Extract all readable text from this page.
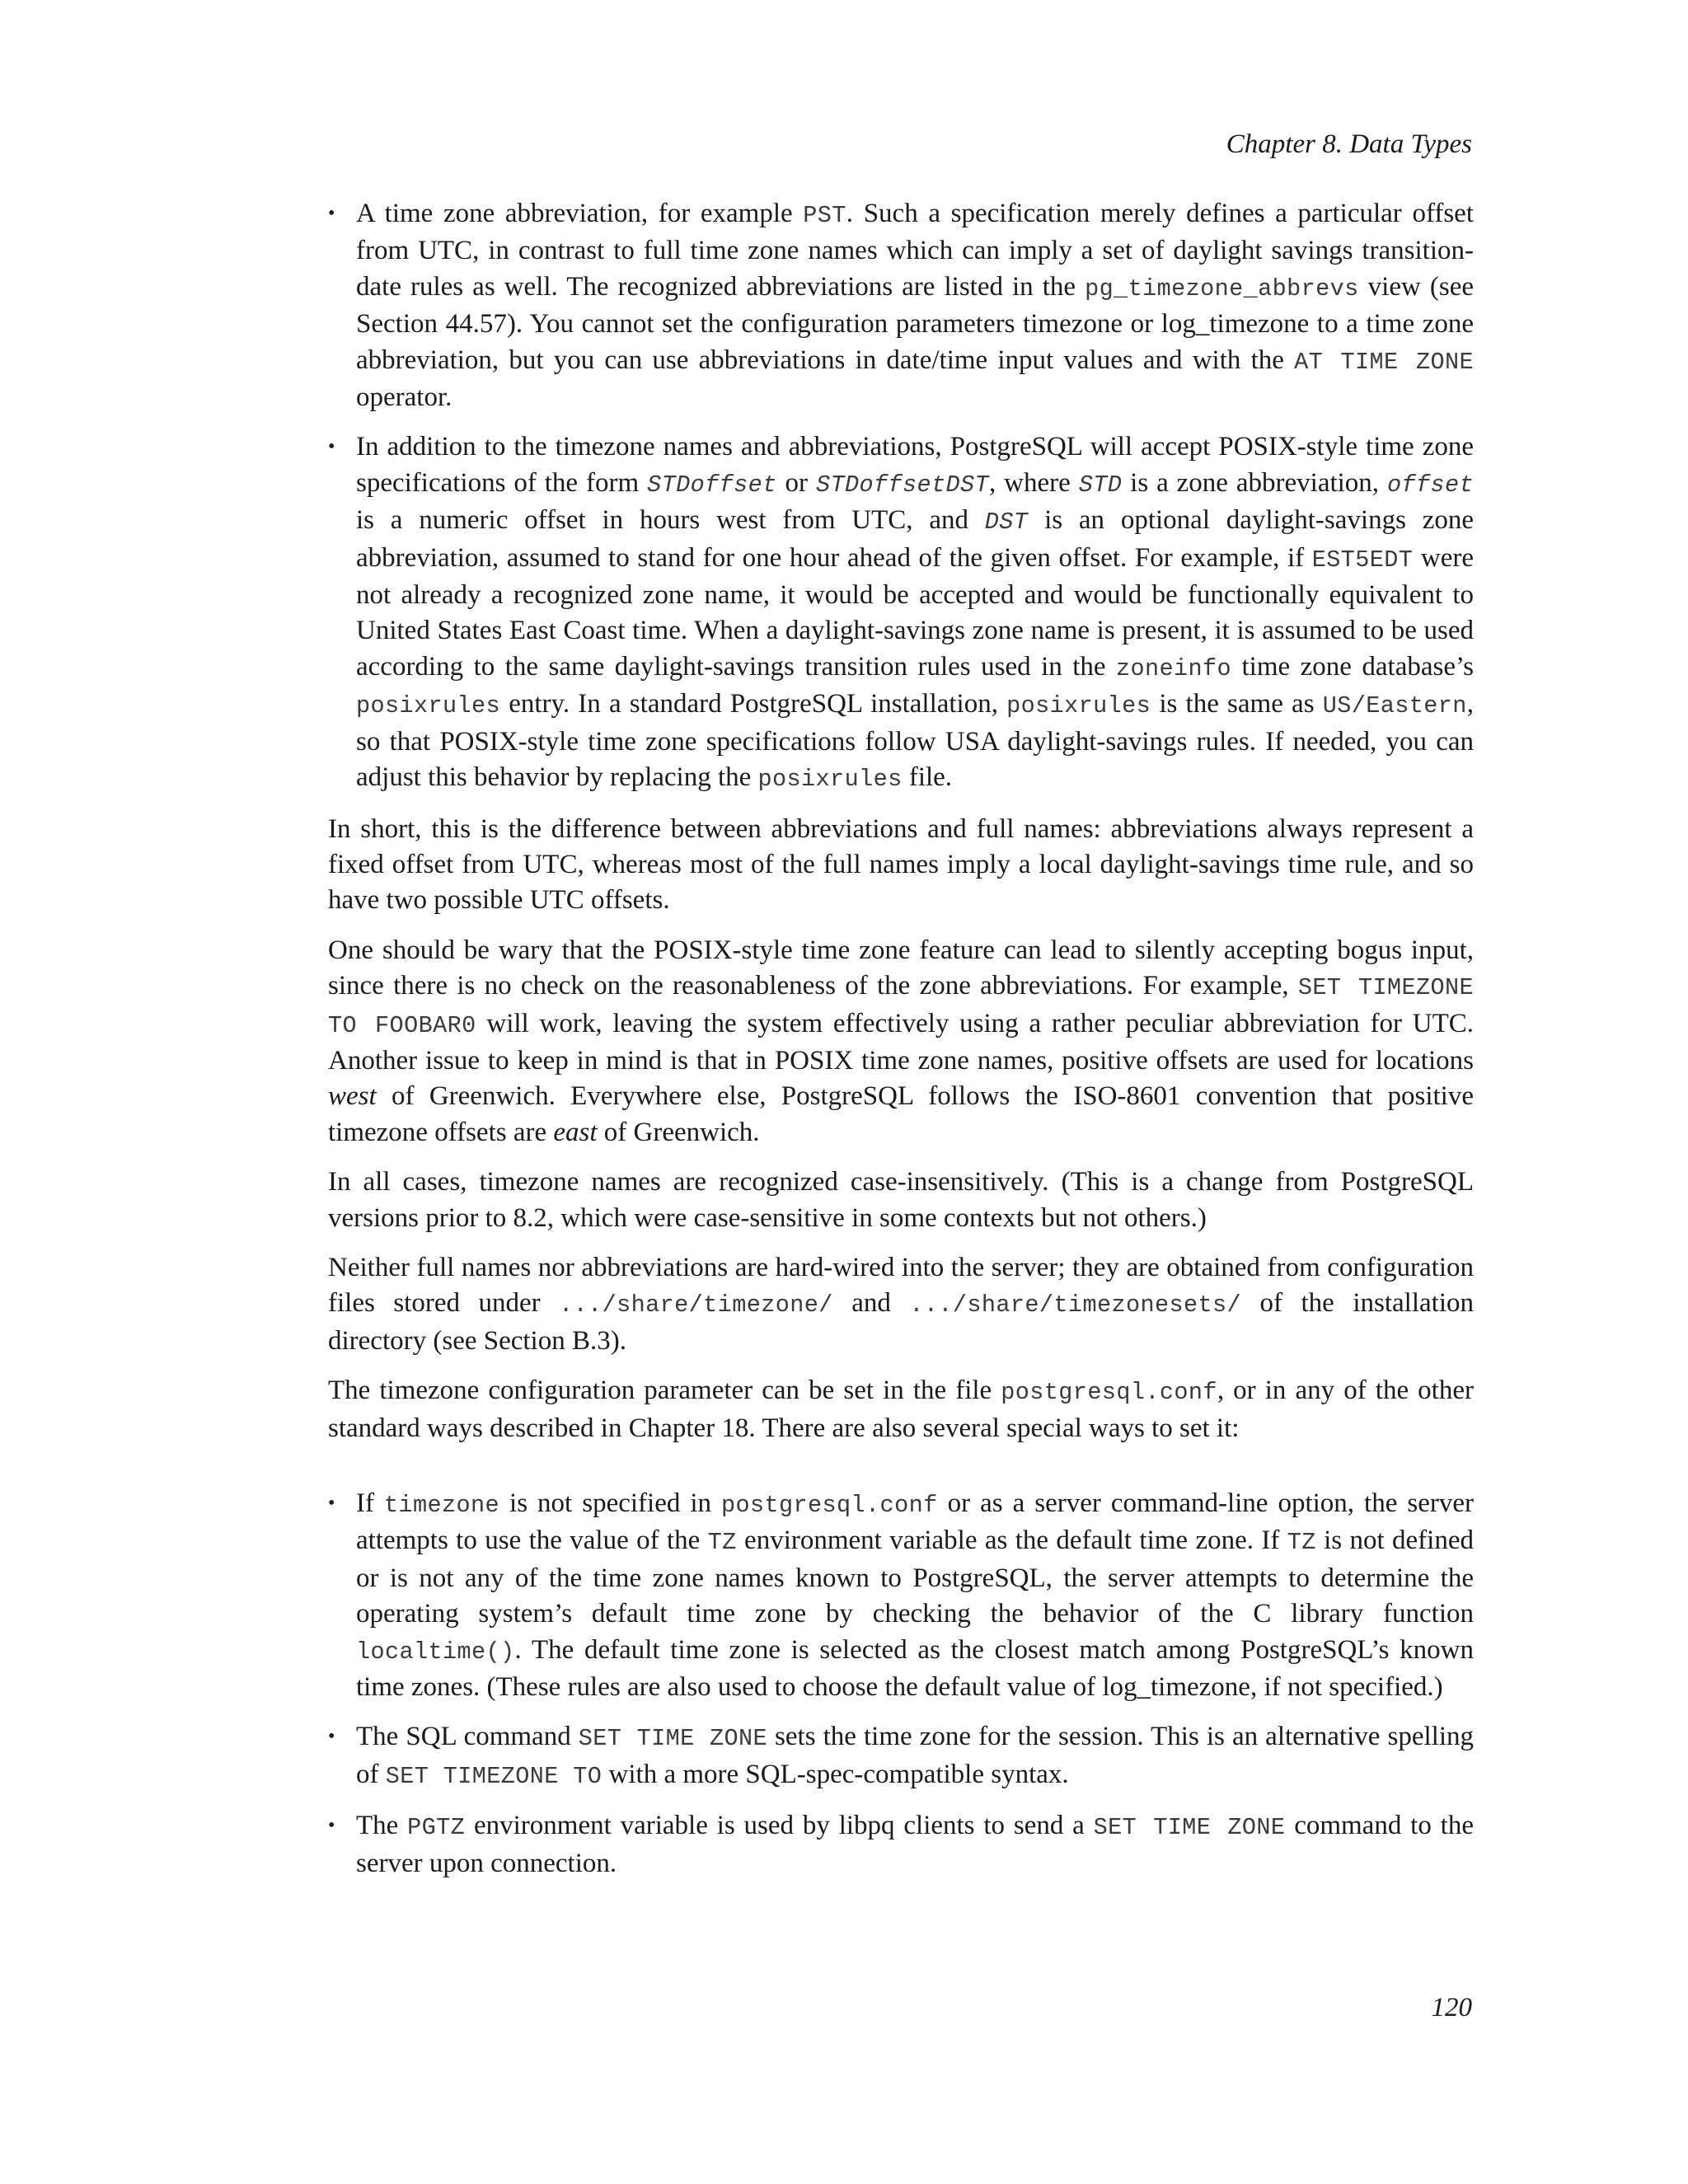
Chapter 8. Data Types
• A time zone abbreviation, for example PST. Such a specification merely defines a particular offset from UTC, in contrast to full time zone names which can imply a set of daylight savings transition-date rules as well. The recognized abbreviations are listed in the pg_timezone_abbrevs view (see Section 44.57). You cannot set the configuration parameters timezone or log_timezone to a time zone abbreviation, but you can use abbreviations in date/time input values and with the AT TIME ZONE operator.
• In addition to the timezone names and abbreviations, PostgreSQL will accept POSIX-style time zone specifications of the form STDoffset or STDoffsetDST, where STD is a zone abbreviation, offset is a numeric offset in hours west from UTC, and DST is an optional daylight-savings zone abbreviation, assumed to stand for one hour ahead of the given offset. For example, if EST5EDT were not already a recognized zone name, it would be accepted and would be functionally equivalent to United States East Coast time. When a daylight-savings zone name is present, it is assumed to be used according to the same daylight-savings transition rules used in the zoneinfo time zone database’s posixrules entry. In a standard PostgreSQL installation, posixrules is the same as US/Eastern, so that POSIX-style time zone specifications follow USA daylight-savings rules. If needed, you can adjust this behavior by replacing the posixrules file.

In short, this is the difference between abbreviations and full names: abbreviations always represent a fixed offset from UTC, whereas most of the full names imply a local daylight-savings time rule, and so have two possible UTC offsets.

One should be wary that the POSIX-style time zone feature can lead to silently accepting bogus input, since there is no check on the reasonableness of the zone abbreviations. For example, SET TIMEZONE TO FOOBAR0 will work, leaving the system effectively using a rather peculiar abbreviation for UTC. Another issue to keep in mind is that in POSIX time zone names, positive offsets are used for locations west of Greenwich. Everywhere else, PostgreSQL follows the ISO-8601 convention that positive timezone offsets are east of Greenwich.

In all cases, timezone names are recognized case-insensitively. (This is a change from PostgreSQL versions prior to 8.2, which were case-sensitive in some contexts but not others.)

Neither full names nor abbreviations are hard-wired into the server; they are obtained from configuration files stored under .../share/timezone/ and .../share/timezonesets/ of the installation directory (see Section B.3).

The timezone configuration parameter can be set in the file postgresql.conf, or in any of the other standard ways described in Chapter 18. There are also several special ways to set it:

• If timezone is not specified in postgresql.conf or as a server command-line option, the server attempts to use the value of the TZ environment variable as the default time zone. If TZ is not defined or is not any of the time zone names known to PostgreSQL, the server attempts to determine the operating system’s default time zone by checking the behavior of the C library function localtime(). The default time zone is selected as the closest match among PostgreSQL’s known time zones. (These rules are also used to choose the default value of log_timezone, if not specified.)
• The SQL command SET TIME ZONE sets the time zone for the session. This is an alternative spelling of SET TIMEZONE TO with a more SQL-spec-compatible syntax.
• The PGTZ environment variable is used by libpq clients to send a SET TIME ZONE command to the server upon connection.
120
